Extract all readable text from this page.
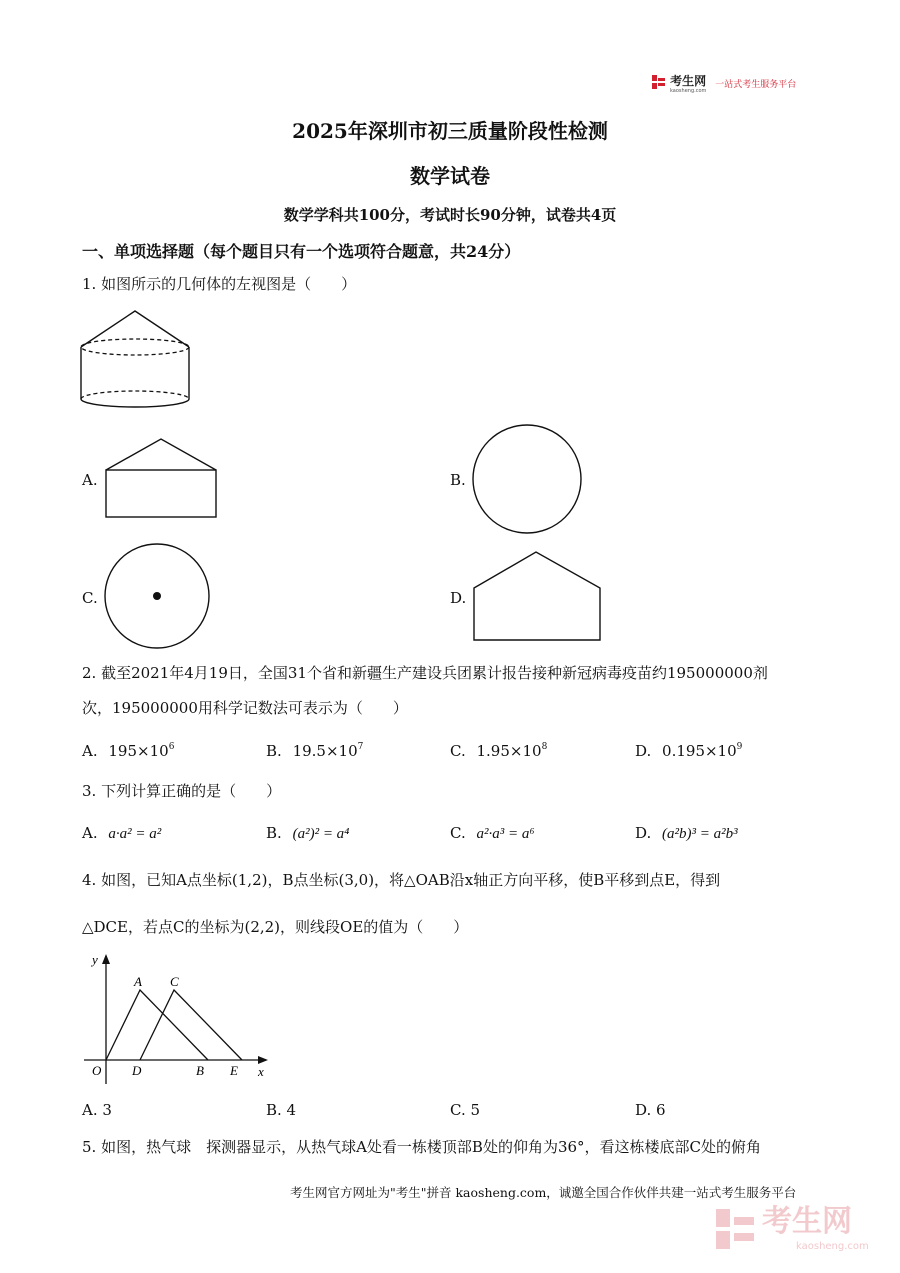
$^{考生网}$ $^{一站式考生服务平台}$
kaosheng.com
2025年深圳市初三质量阶段性检测
数学试卷
数学学科共100分，考试时长90分钟，试卷共4页
一、单项选择题（每个题目只有一个选项符合题意，共24分）
1. 如图所示的几何体的左视图是（　　）
A.	B.
C.	D.
2. 截至2021年4月19日，全国31个省和新疆生产建设兵团累计报告接种新冠病毒疫苗约195000000剂
次，195000000用科学记数法可表示为（　　）
A. $195\times 10^6$	B. $19.5\times 10^7$	C. $1.95\times 10^8$	D. $0.195\times 10^9$
3. 下列计算正确的是（　　）
A. a·a² = a²	B. (a²)² = a⁴	C. a²·a³ = a⁶	D. (a²b)³ = a²b³
4. 如图，已知A点坐标(1,2)，B点坐标(3,0)，将△OAB沿x轴正方向平移，使B平移到点E，得到
△DCE，若点C的坐标为(2,2)，则线段OE的值为（　　）
y
x
O
A C
D	B E
A. 3	B. 4	C. 5	D. 6
5. 如图，热气球　探测器显示，从热气球A处看一栋楼顶部B处的仰角为36°，看这栋楼底部C处的俯角
考生网官方网址为"考生"拼音 kaosheng.com，诚邀全国合作伙伴共建一站式考生服务平台
考生网
kaosheng.com
